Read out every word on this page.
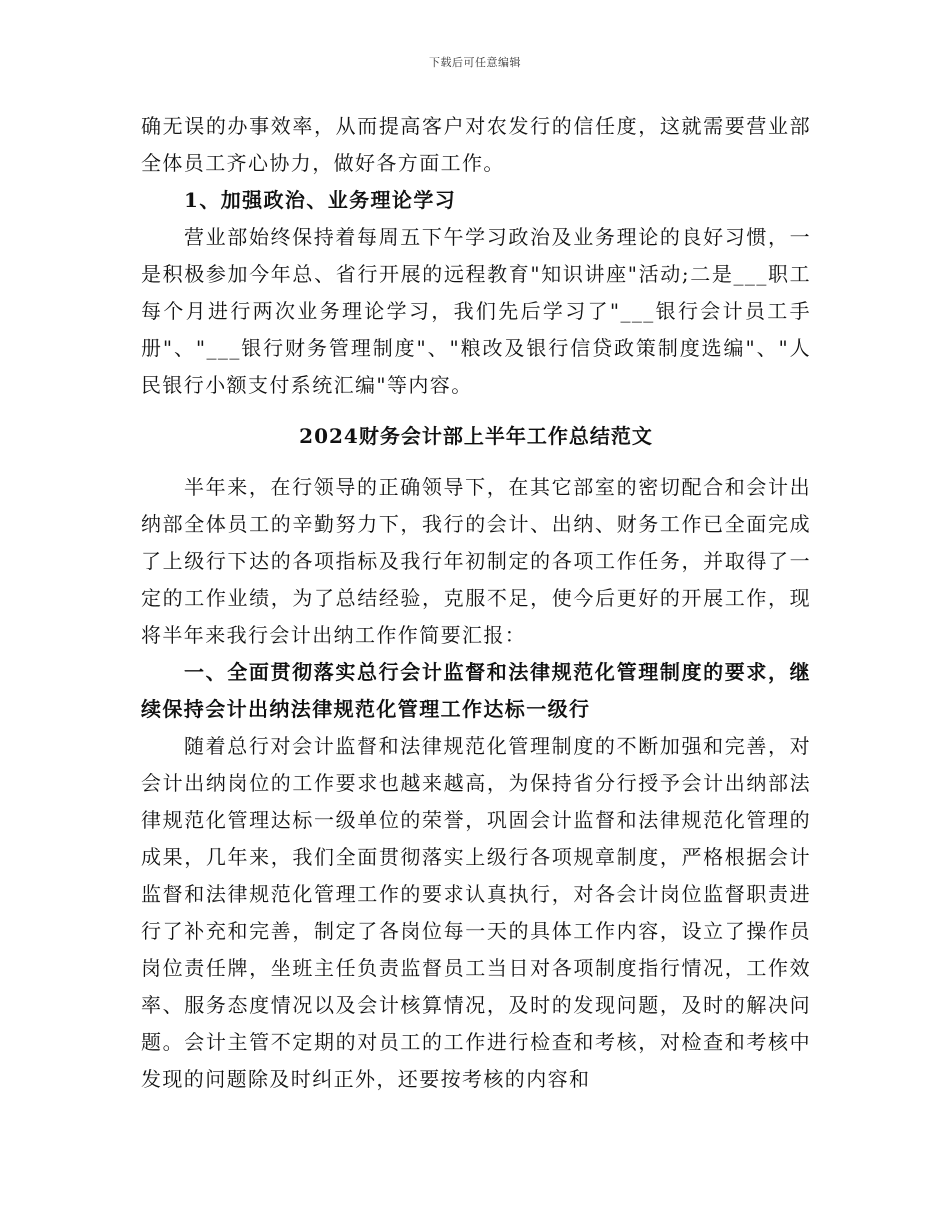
下载后可任意编辑

确无误的办事效率，从而提高客户对农发行的信任度，这就需要营业部全体员工齐心协力，做好各方面工作。

1、加强政治、业务理论学习

营业部始终保持着每周五下午学习政治及业务理论的良好习惯，一是积极参加今年总、省行开展的远程教育"知识讲座"活动;二是___职工每个月进行两次业务理论学习，我们先后学习了"___银行会计员工手册"、"___银行财务管理制度"、"粮改及银行信贷政策制度选编"、"人民银行小额支付系统汇编"等内容。

2024财务会计部上半年工作总结范文

半年来，在行领导的正确领导下，在其它部室的密切配合和会计出纳部全体员工的辛勤努力下，我行的会计、出纳、财务工作已全面完成了上级行下达的各项指标及我行年初制定的各项工作任务，并取得了一定的工作业绩，为了总结经验，克服不足，使今后更好的开展工作，现将半年来我行会计出纳工作作简要汇报：

一、全面贯彻落实总行会计监督和法律规范化管理制度的要求，继续保持会计出纳法律规范化管理工作达标一级行

随着总行对会计监督和法律规范化管理制度的不断加强和完善，对会计出纳岗位的工作要求也越来越高，为保持省分行授予会计出纳部法律规范化管理达标一级单位的荣誉，巩固会计监督和法律规范化管理的成果，几年来，我们全面贯彻落实上级行各项规章制度，严格根据会计监督和法律规范化管理工作的要求认真执行，对各会计岗位监督职责进行了补充和完善，制定了各岗位每一天的具体工作内容，设立了操作员岗位责任牌，坐班主任负责监督员工当日对各项制度指行情况，工作效率、服务态度情况以及会计核算情况，及时的发现问题，及时的解决问题。会计主管不定期的对员工的工作进行检查和考核，对检查和考核中发现的问题除及时纠正外，还要按考核的内容和
